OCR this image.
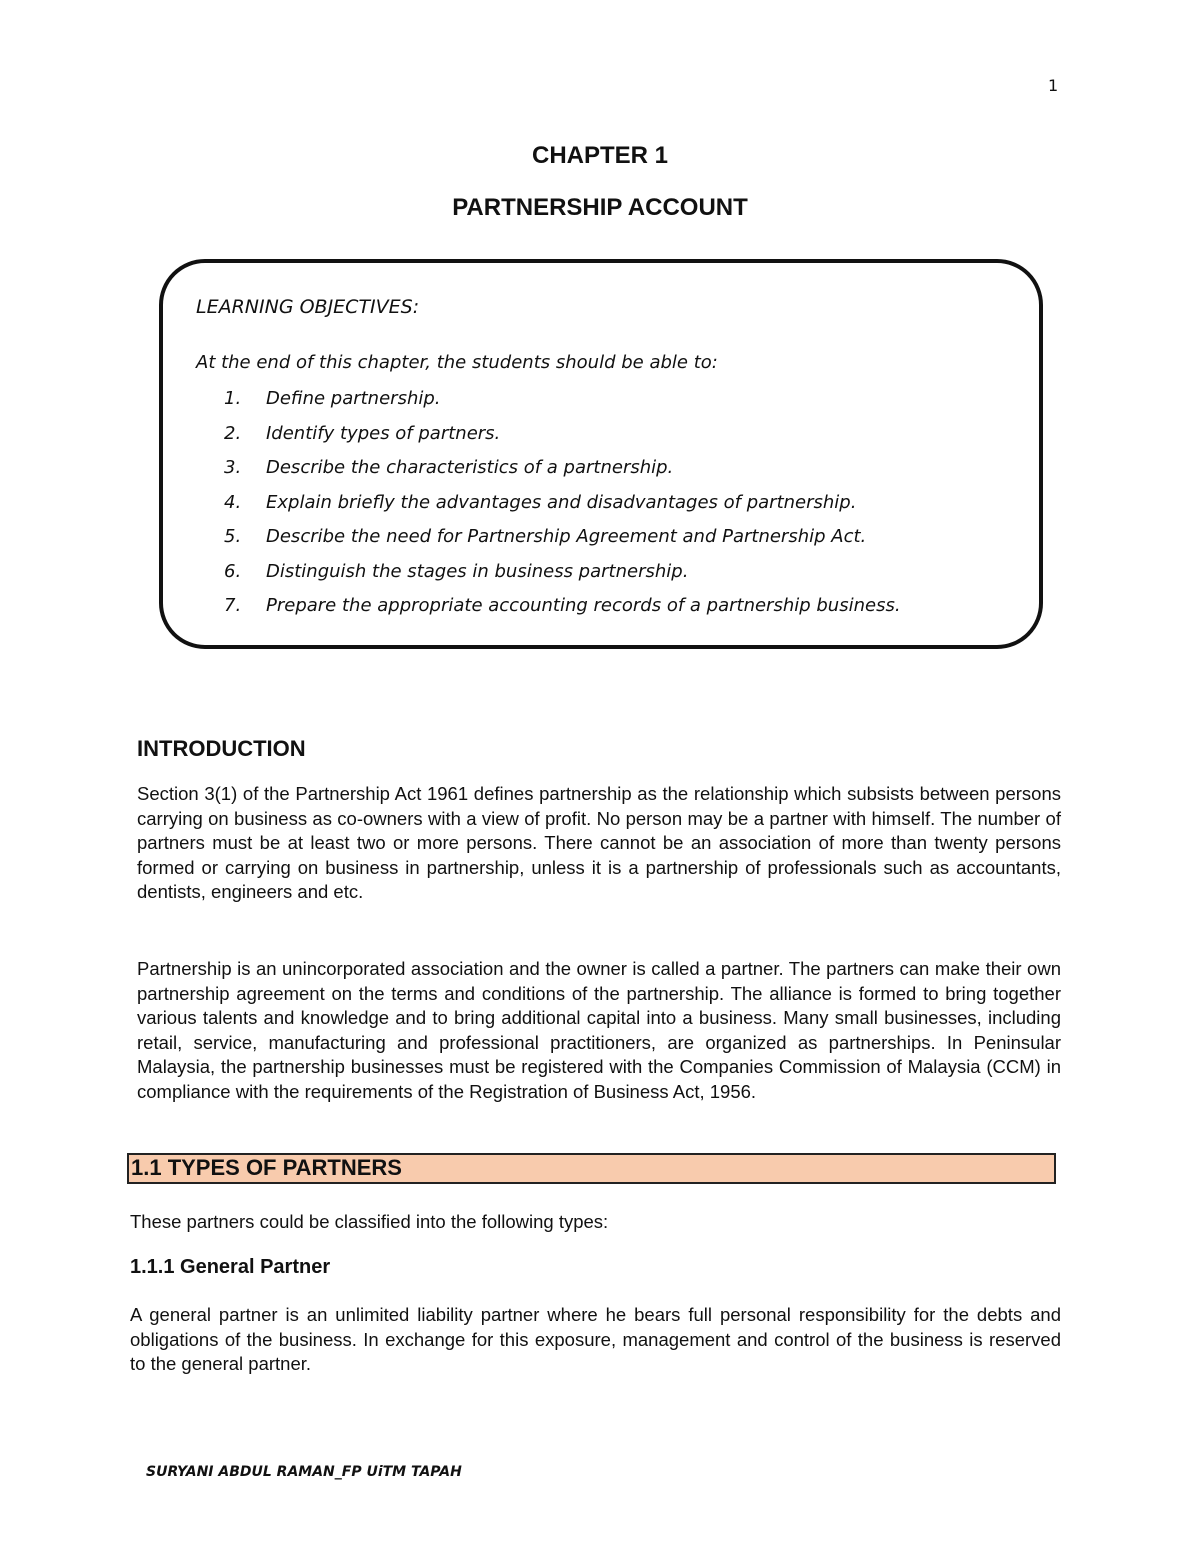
1
CHAPTER 1
PARTNERSHIP ACCOUNT
LEARNING OBJECTIVES:
At the end of this chapter, the students should be able to:
1.	Define partnership.
2.	Identify types of partners.
3.	Describe the characteristics of a partnership.
4.	Explain briefly the advantages and disadvantages of partnership.
5.	Describe the need for Partnership Agreement and Partnership Act.
6.	Distinguish the stages in business partnership.
7.	Prepare the appropriate accounting records of a partnership business.
INTRODUCTION

Section 3(1) of the Partnership Act 1961 defines partnership as the relationship which subsists between persons carrying on business as co-owners with a view of profit. No person may be a partner with himself. The number of partners must be at least two or more persons. There cannot be an association of more than twenty persons formed or carrying on business in partnership, unless it is a partnership of professionals such as accountants, dentists, engineers and etc.

Partnership is an unincorporated association and the owner is called a partner. The partners can make their own partnership agreement on the terms and conditions of the partnership. The alliance is formed to bring together various talents and knowledge and to bring additional capital into a business. Many small businesses, including retail, service, manufacturing and professional practitioners, are organized as partnerships. In Peninsular Malaysia, the partnership businesses must be registered with the Companies Commission of Malaysia (CCM) in compliance with the requirements of the Registration of Business Act, 1956.

1.1 TYPES OF PARTNERS
These partners could be classified into the following types:
1.1.1 General Partner

A general partner is an unlimited liability partner where he bears full personal responsibility for the debts and obligations of the business. In exchange for this exposure, management and control of the business is reserved to the general partner.

SURYANI ABDUL RAMAN_FP UiTM TAPAH
